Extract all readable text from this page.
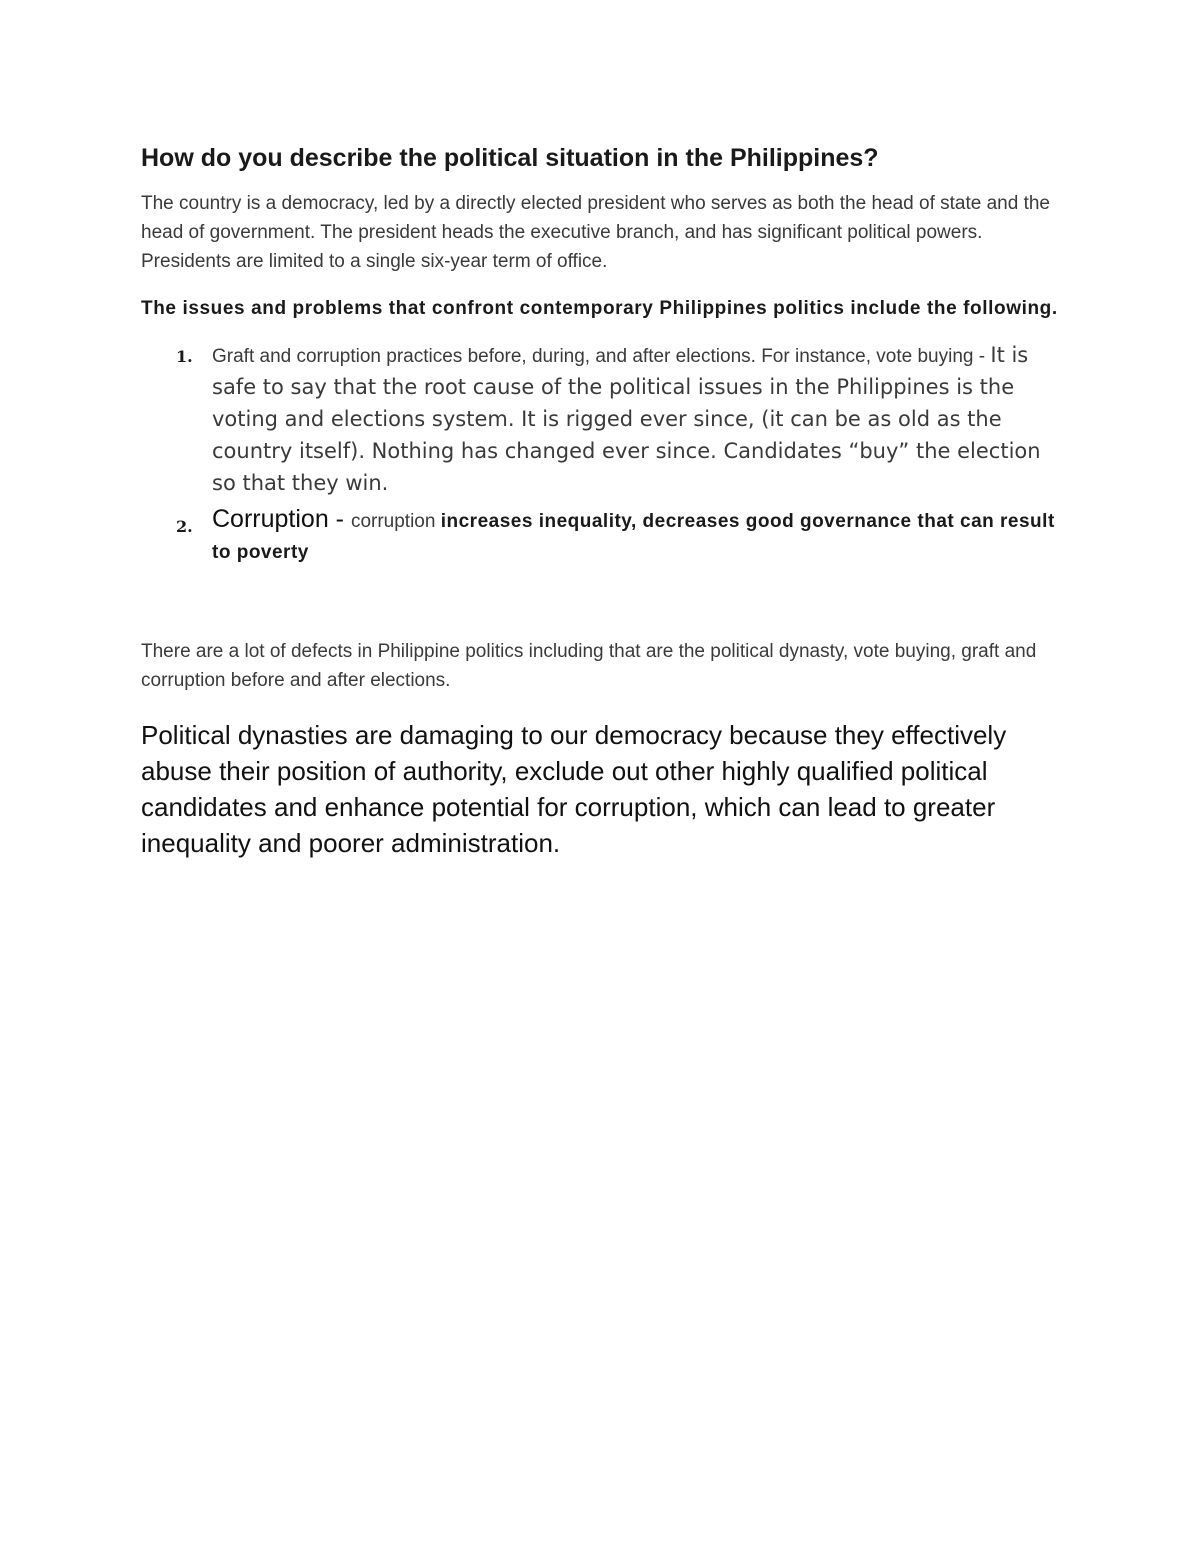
How do you describe the political situation in the Philippines?

The country is a democracy, led by a directly elected president who serves as both the head of state and the head of government. The president heads the executive branch, and has significant political powers. Presidents are limited to a single six-year term of office.

The issues and problems that confront contemporary Philippines politics include the following.

1. Graft and corruption practices before, during, and after elections. For instance, vote buying - It is safe to say that the root cause of the political issues in the Philippines is the voting and elections system. It is rigged ever since, (it can be as old as the country itself). Nothing has changed ever since. Candidates “buy” the election so that they win.
2. Corruption - corruption increases inequality, decreases good governance that can result to poverty

There are a lot of defects in Philippine politics including that are the political dynasty, vote buying, graft and corruption before and after elections.

Political dynasties are damaging to our democracy because they effectively abuse their position of authority, exclude out other highly qualified political candidates and enhance potential for corruption, which can lead to greater inequality and poorer administration.
